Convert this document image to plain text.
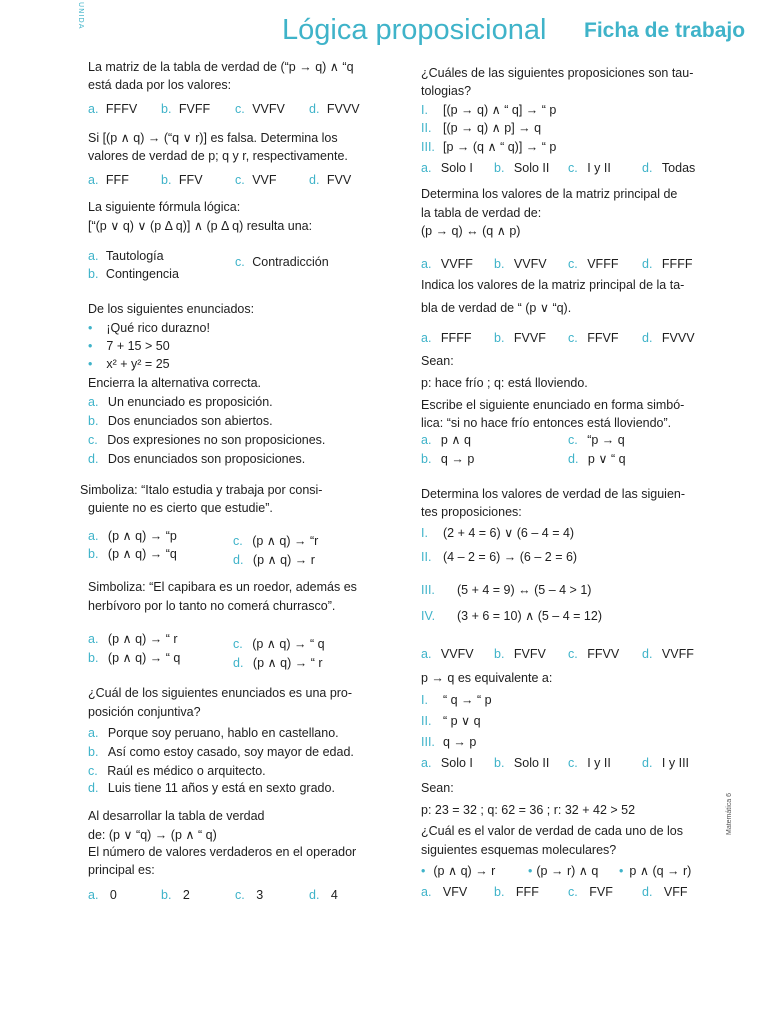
UNIDA	Lógica proposicional Ficha de trabajo
Matemática 6
La matriz de la tabla de verdad de (“p → q) ∧ “q
está dada por los valores:
a. FFFV b. FVFF c. VVFV d. FVVV
Si [(p ∧ q) → (“q ∨ r)] es falsa. Determina los
valores de verdad de p; q y r, respectivamente.
a. FFF	b. FFV	c. VVF	d. FVV
La siguiente fórmula lógica:
[“(p ∨ q) ∨ (p Δ q)] ∧ (p Δ q) resulta una:
a. Tautología
b. Contingencia
c. Contradicción
De los siguientes enunciados:
• ¡Qué rico durazno!
• 7 + 15 > 50
• x² + y² = 25
Encierra la alternativa correcta.
a. Un enunciado es proposición.
b. Dos enunciados son abiertos.
c. Dos expresiones no son proposiciones.
d. Dos enunciados son proposiciones.
Simboliza: “Italo estudia y trabaja por consi-
guiente no es cierto que estudie”.
a. (p ∧ q) → “p
b. (p ∧ q) → “q
c. (p ∧ q) → “r
d. (p ∧ q) → r
Simboliza: “El capibara es un roedor, además es
herbívoro por lo tanto no comerá churrasco”.
a. (p ∧ q) → “ r
b. (p ∧ q) → “ q
c. (p ∧ q) → “ q
d. (p ∧ q) → “ r
¿Cuál de los siguientes enunciados es una pro-
posición conjuntiva?
a. Porque soy peruano, hablo en castellano.
b. Así como estoy casado, soy mayor de edad.
c. Raúl es médico o arquitecto.
d. Luis tiene 11 años y está en sexto grado.
Al desarrollar la tabla de verdad
de: (p ∨ “q) → (p ∧ “ q)
El número de valores verdaderos en el operador
principal es:
a. 0	b. 2	c. 3	d. 4
¿Cuáles de las siguientes proposiciones son tau-
tologias?
I. [(p → q) ∧ “ q] → “ p
II. [(p → q) ∧ p] → q
III. [p → (q ∧ “ q)] → “ p
a. Solo I b. Solo II c. I y II d. Todas
Determina los valores de la matriz principal de
la tabla de verdad de:
(p → q) ↔ (q ∧ p)
a. VVFF b. VVFV c. VFFF d. FFFF
Indica los valores de la matriz principal de la ta-
bla de verdad de “ (p ∨ “q).
a. FFFF b. FVVF c. FFVF d. FVVV
Sean:
p: hace frío ; q: está lloviendo.
Escribe el siguiente enunciado en forma simbó-
lica: “si no hace frío entonces está lloviendo”.
a. p ∧ q
b. q → p
c. “p → q
d. p ∨ “ q
Determina los valores de verdad de las siguien-
tes proposiciones:
I. (2 + 4 = 6) ∨ (6 – 4 = 4)
II. (4 – 2 = 6) → (6 – 2 = 6)
III. (5 + 4 = 9) ↔ (5 – 4 > 1)
IV. (3 + 6 = 10) ∧ (5 – 4 = 12)
a. VVFV b. FVFV c. FFVV d. VVFF
p → q es equivalente a:
I. “ q → “ p
II. “ p ∨ q
III. q → p
a. Solo I b. Solo II c. I y II d. I y III
Sean:
p: 23 = 32 ; q: 62 = 36 ; r: 32 + 42 > 52
¿Cuál es el valor de verdad de cada uno de los
siguientes esquemas moleculares?
• (p ∧ q) → r	• (p → r) ∧ q • p ∧ (q → r)
a. VFV b. FFF c. FVF d. VFF
